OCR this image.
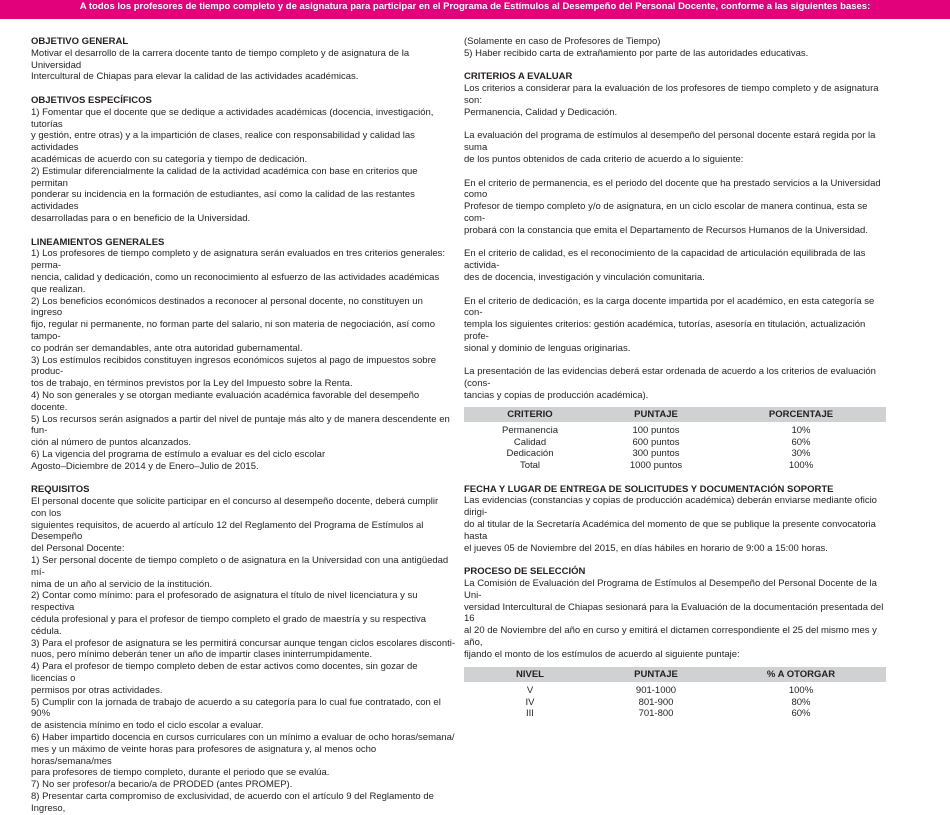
A todos los profesores de tiempo completo y de asignatura para participar en el Programa de Estímulos al Desempeño del Personal Docente, conforme a las siguientes bases:
OBJETIVO GENERAL
Motivar el desarrollo de la carrera docente tanto de tiempo completo y de asignatura de la Universidad
Intercultural de Chiapas para elevar la calidad de las actividades académicas.
OBJETIVOS ESPECÍFICOS
1) Fomentar que el docente que se dedique a actividades académicas (docencia, investigación, tutorías
y gestión, entre otras) y a la impartición de clases, realice con responsabilidad y calidad las actividades
académicas de acuerdo con su categoría y tiempo de dedicación.
2) Estimular diferencialmente la calidad de la actividad académica con base en criterios que permitan
ponderar su incidencia en la formación de estudiantes, así como la calidad de las restantes actividades
desarrolladas para o en beneficio de la Universidad.
LINEAMIENTOS GENERALES
1) Los profesores de tiempo completo y de asignatura serán evaluados en tres criterios generales: perma-
nencia, calidad y dedicación, como un reconocimiento al esfuerzo de las actividades académicas que realizan.
2) Los beneficios económicos destinados a reconocer al personal docente, no constituyen un ingreso
fijo, regular ni permanente, no forman parte del salario, ni son materia de negociación, así como tampo-
co podrán ser demandables, ante otra autoridad gubernamental.
3) Los estímulos recibidos constituyen ingresos económicos sujetos al pago de impuestos sobre produc-
tos de trabajo, en términos previstos por la Ley del Impuesto sobre la Renta.
4) No son generales y se otorgan mediante evaluación académica favorable del desempeño docente.
5) Los recursos serán asignados a partir del nivel de puntaje más alto y de manera descendente en fun-
ción al número de puntos alcanzados.
6) La vigencia del programa de estímulo a evaluar es del ciclo escolar
Agosto–Diciembre de 2014 y de Enero–Julio de 2015.
REQUISITOS
El personal docente que solicite participar en el concurso al desempeño docente, deberá cumplir con los
siguientes requisitos, de acuerdo al artículo 12 del Reglamento del Programa de Estímulos al Desempeño
del Personal Docente:
1) Ser personal docente de tiempo completo o de asignatura en la Universidad con una antigüedad mí-
nima de un año al servicio de la institución.
2) Contar como mínimo: para el profesorado de asignatura el título de nivel licenciatura y su respectiva
cédula profesional y para el profesor de tiempo completo el grado de maestría y su respectiva cédula.
3) Para el profesor de asignatura se les permitirá concursar aunque tengan ciclos escolares disconti-
nuos, pero mínimo deberán tener un año de impartir clases ininterrumpidamente.
4) Para el profesor de tiempo completo deben de estar activos como docentes, sin gozar de licencias o
permisos por otras actividades.
5) Cumplir con la jornada de trabajo de acuerdo a su categoría para lo cual fue contratado, con el 90%
de asistencia mínimo en todo el ciclo escolar a evaluar.
6) Haber impartido docencia en cursos curriculares con un mínimo a evaluar de ocho horas/semana/
mes y un máximo de veinte horas para profesores de asignatura y, al menos ocho horas/semana/mes
para profesores de tiempo completo, durante el periodo que se evalúa.
7) No ser profesor/a becario/a de PRODED (antes PROMEP).
8) Presentar carta compromiso de exclusividad, de acuerdo con el artículo 9 del Reglamento de Ingreso,
(Solamente en caso de Profesores de Tiempo)
5) Haber recibido carta de extrañamiento por parte de las autoridades educativas.
CRITERIOS A EVALUAR
Los criterios a considerar para la evaluación de los profesores de tiempo completo y de asignatura son:
Permanencia, Calidad y Dedicación.
La evaluación del programa de estímulos al desempeño del personal docente estará regida por la suma
de los puntos obtenidos de cada criterio de acuerdo a lo siguiente:
En el criterio de permanencia, es el periodo del docente que ha prestado servicios a la Universidad como
Profesor de tiempo completo y/o de asignatura, en un ciclo escolar de manera continua, esta se com-
probará con la constancia que emita el Departamento de Recursos Humanos de la Universidad.
En el criterio de calidad, es el reconocimiento de la capacidad de articulación equilibrada de las activida-
des de docencia, investigación y vinculación comunitaria.
En el criterio de dedicación, es la carga docente impartida por el académico, en esta categoría se con-
templa los siguientes criterios: gestión académica, tutorías, asesoría en titulación, actualización profe-
sional y dominio de lenguas originarias.
La presentación de las evidencias deberá estar ordenada de acuerdo a los criterios de evaluación (cons-
tancias y copias de producción académica).
CRITERIO	PUNTAJE	PORCENTAJE
Permanencia	100 puntos	10%
Calidad	600 puntos	60%
Dedicación	300 puntos	30%
Total	1000 puntos	100%
FECHA Y LUGAR DE ENTREGA DE SOLICITUDES Y DOCUMENTACIÓN SOPORTE
Las evidencias (constancias y copias de producción académica) deberán enviarse mediante oficio dirigi-
do al titular de la Secretaría Académica del momento de que se publique la presente convocatoria hasta
el jueves 05 de Noviembre del 2015, en días hábiles en horario de 9:00 a 15:00 horas.
PROCESO DE SELECCIÓN
La Comisión de Evaluación del Programa de Estímulos al Desempeño del Personal Docente de la Uni-
versidad Intercultural de Chiapas sesionará para la Evaluación de la documentación presentada del 16
al 20 de Noviembre del año en curso y emitirá el dictamen correspondiente el 25 del mismo mes y año,
fijando el monto de los estímulos de acuerdo al siguiente puntaje:
NIVEL	PUNTAJE	% A OTORGAR
V	901-1000	100%
IV	801-900	80%
III	701-800	60%
